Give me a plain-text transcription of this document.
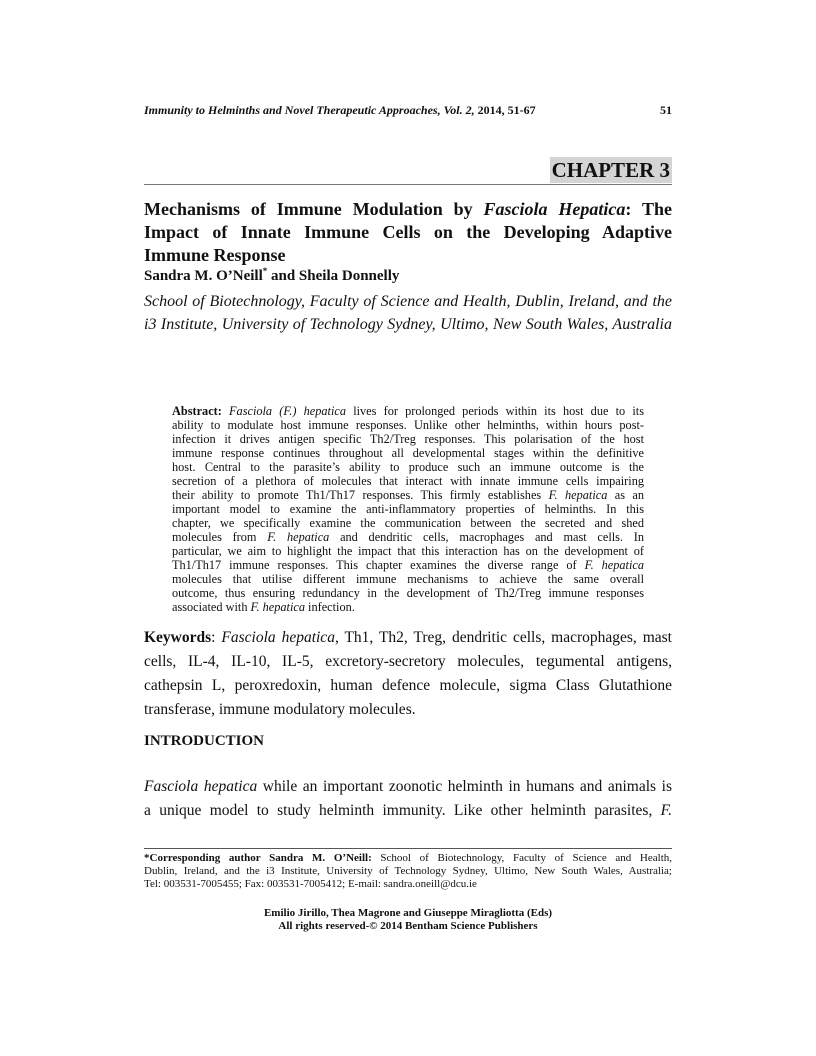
Immunity to Helminths and Novel Therapeutic Approaches, Vol. 2, 2014, 51-67	51
CHAPTER 3
Mechanisms of Immune Modulation by Fasciola Hepatica: The
Impact of Innate Immune Cells on the Developing Adaptive
Immune Response
Sandra M. O’Neill* and Sheila Donnelly
School of Biotechnology, Faculty of Science and Health, Dublin, Ireland, and the
i3 Institute, University of Technology Sydney, Ultimo, New South Wales, Australia
Abstract: Fasciola (F.) hepatica lives for prolonged periods within its host due to its
ability to modulate host immune responses. Unlike other helminths, within hours post-
infection it drives antigen specific Th2/Treg responses. This polarisation of the host
immune response continues throughout all developmental stages within the definitive
host. Central to the parasite’s ability to produce such an immune outcome is the
secretion of a plethora of molecules that interact with innate immune cells impairing
their ability to promote Th1/Th17 responses. This firmly establishes F. hepatica as an
important model to examine the anti-inflammatory properties of helminths. In this
chapter, we specifically examine the communication between the secreted and shed
molecules from F. hepatica and dendritic cells, macrophages and mast cells. In
particular, we aim to highlight the impact that this interaction has on the development of
Th1/Th17 immune responses. This chapter examines the diverse range of F. hepatica
molecules that utilise different immune mechanisms to achieve the same overall
outcome, thus ensuring redundancy in the development of Th2/Treg immune responses
associated with F. hepatica infection.
Keywords: Fasciola hepatica, Th1, Th2, Treg, dendritic cells, macrophages, mast
cells, IL-4, IL-10, IL-5, excretory-secretory molecules, tegumental antigens,
cathepsin L, peroxredoxin, human defence molecule, sigma Class Glutathione
transferase, immune modulatory molecules.
INTRODUCTION
Fasciola hepatica while an important zoonotic helminth in humans and animals is
a unique model to study helminth immunity. Like other helminth parasites, F.
*Corresponding author Sandra M. O’Neill: School of Biotechnology, Faculty of Science and Health,
Dublin, Ireland, and the i3 Institute, University of Technology Sydney, Ultimo, New South Wales, Australia;
Tel: 003531-7005455; Fax: 003531-7005412; E-mail: sandra.oneill@dcu.ie
Emilio Jirillo, Thea Magrone and Giuseppe Miragliotta (Eds)
All rights reserved-© 2014 Bentham Science Publishers
